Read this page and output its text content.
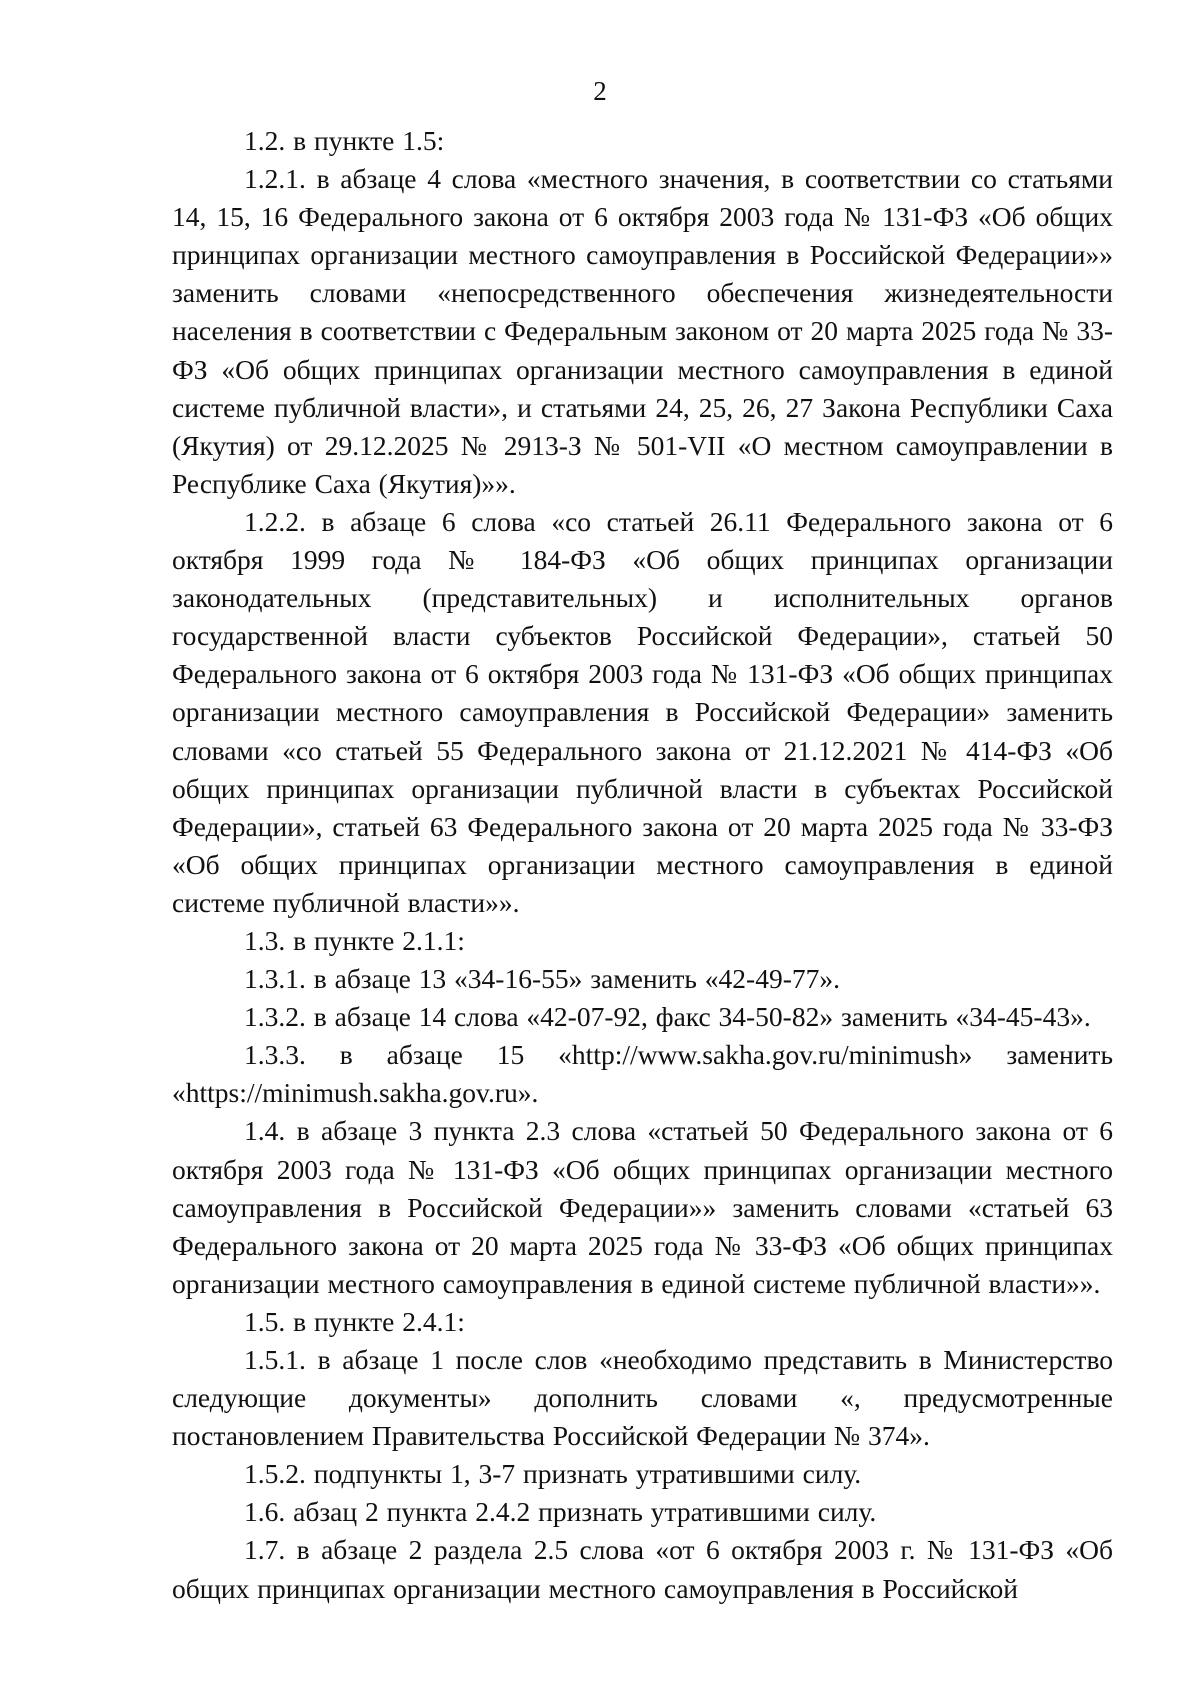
2

1.2. в пункте 1.5:

1.2.1. в абзаце 4 слова «местного значения, в соответствии со статьями 14, 15, 16 Федерального закона от 6 октября 2003 года № 131-ФЗ «Об общих принципах организации местного самоуправления в Российской Федерации»» заменить словами «непосредственного обеспечения жизнедеятельности населения в соответствии с Федеральным законом от 20 марта 2025 года № 33-ФЗ «Об общих принципах организации местного самоуправления в единой системе публичной власти», и статьями 24, 25, 26, 27 Закона Республики Саха (Якутия) от 29.12.2025 № 2913-З № 501-VII «О местном самоуправлении в Республике Саха (Якутия)»».

1.2.2. в абзаце 6 слова «со статьей 26.11 Федерального закона от 6 октября 1999 года № 184-ФЗ «Об общих принципах организации законодательных (представительных) и исполнительных органов государственной власти субъектов Российской Федерации», статьей 50 Федерального закона от 6 октября 2003 года № 131-ФЗ «Об общих принципах организации местного самоуправления в Российской Федерации» заменить словами «со статьей 55 Федерального закона от 21.12.2021 № 414-ФЗ «Об общих принципах организации публичной власти в субъектах Российской Федерации», статьей 63 Федерального закона от 20 марта 2025 года № 33-ФЗ «Об общих принципах организации местного самоуправления в единой системе публичной власти»».

1.3. в пункте 2.1.1:

1.3.1. в абзаце 13 «34-16-55» заменить «42-49-77».

1.3.2. в абзаце 14 слова «42-07-92, факс 34-50-82» заменить «34-45-43».

1.3.3. в абзаце 15 «http://www.sakha.gov.ru/minimush» заменить «https://minimush.sakha.gov.ru».

1.4. в абзаце 3 пункта 2.3 слова «статьей 50 Федерального закона от 6 октября 2003 года № 131-ФЗ «Об общих принципах организации местного самоуправления в Российской Федерации»» заменить словами «статьей 63 Федерального закона от 20 марта 2025 года № 33-ФЗ «Об общих принципах организации местного самоуправления в единой системе публичной власти»».

1.5. в пункте 2.4.1:

1.5.1. в абзаце 1 после слов «необходимо представить в Министерство следующие документы» дополнить словами «, предусмотренные постановлением Правительства Российской Федерации № 374».

1.5.2. подпункты 1, 3-7 признать утратившими силу.

1.6. абзац 2 пункта 2.4.2 признать утратившими силу.

1.7. в абзаце 2 раздела 2.5 слова «от 6 октября 2003 г. № 131-ФЗ «Об общих принципах организации местного самоуправления в Российской
